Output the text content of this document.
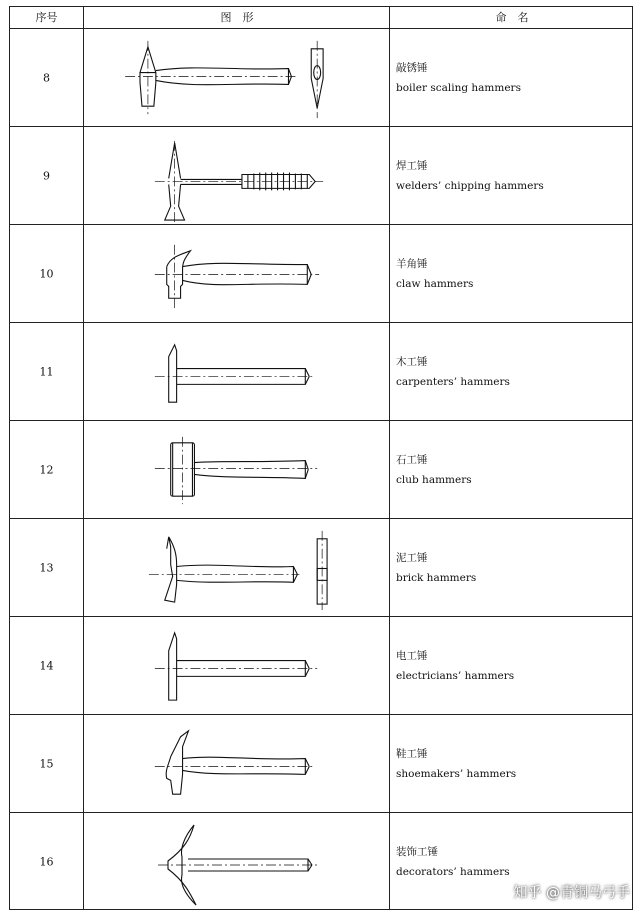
序号	图　形	命　名
8
敲锈锤
boiler scaling hammers
9
焊工锤
welders’ chipping hammers
10
羊角锤
claw hammers
11
木工锤
carpenters’ hammers
12
石工锤
club hammers
13
泥工锤
brick hammers
14
电工锤
electricians’ hammers
15
鞋工锤
shoemakers’ hammers
16
装饰工锤
decorators’ hammers
知乎 @青铜马弓手
